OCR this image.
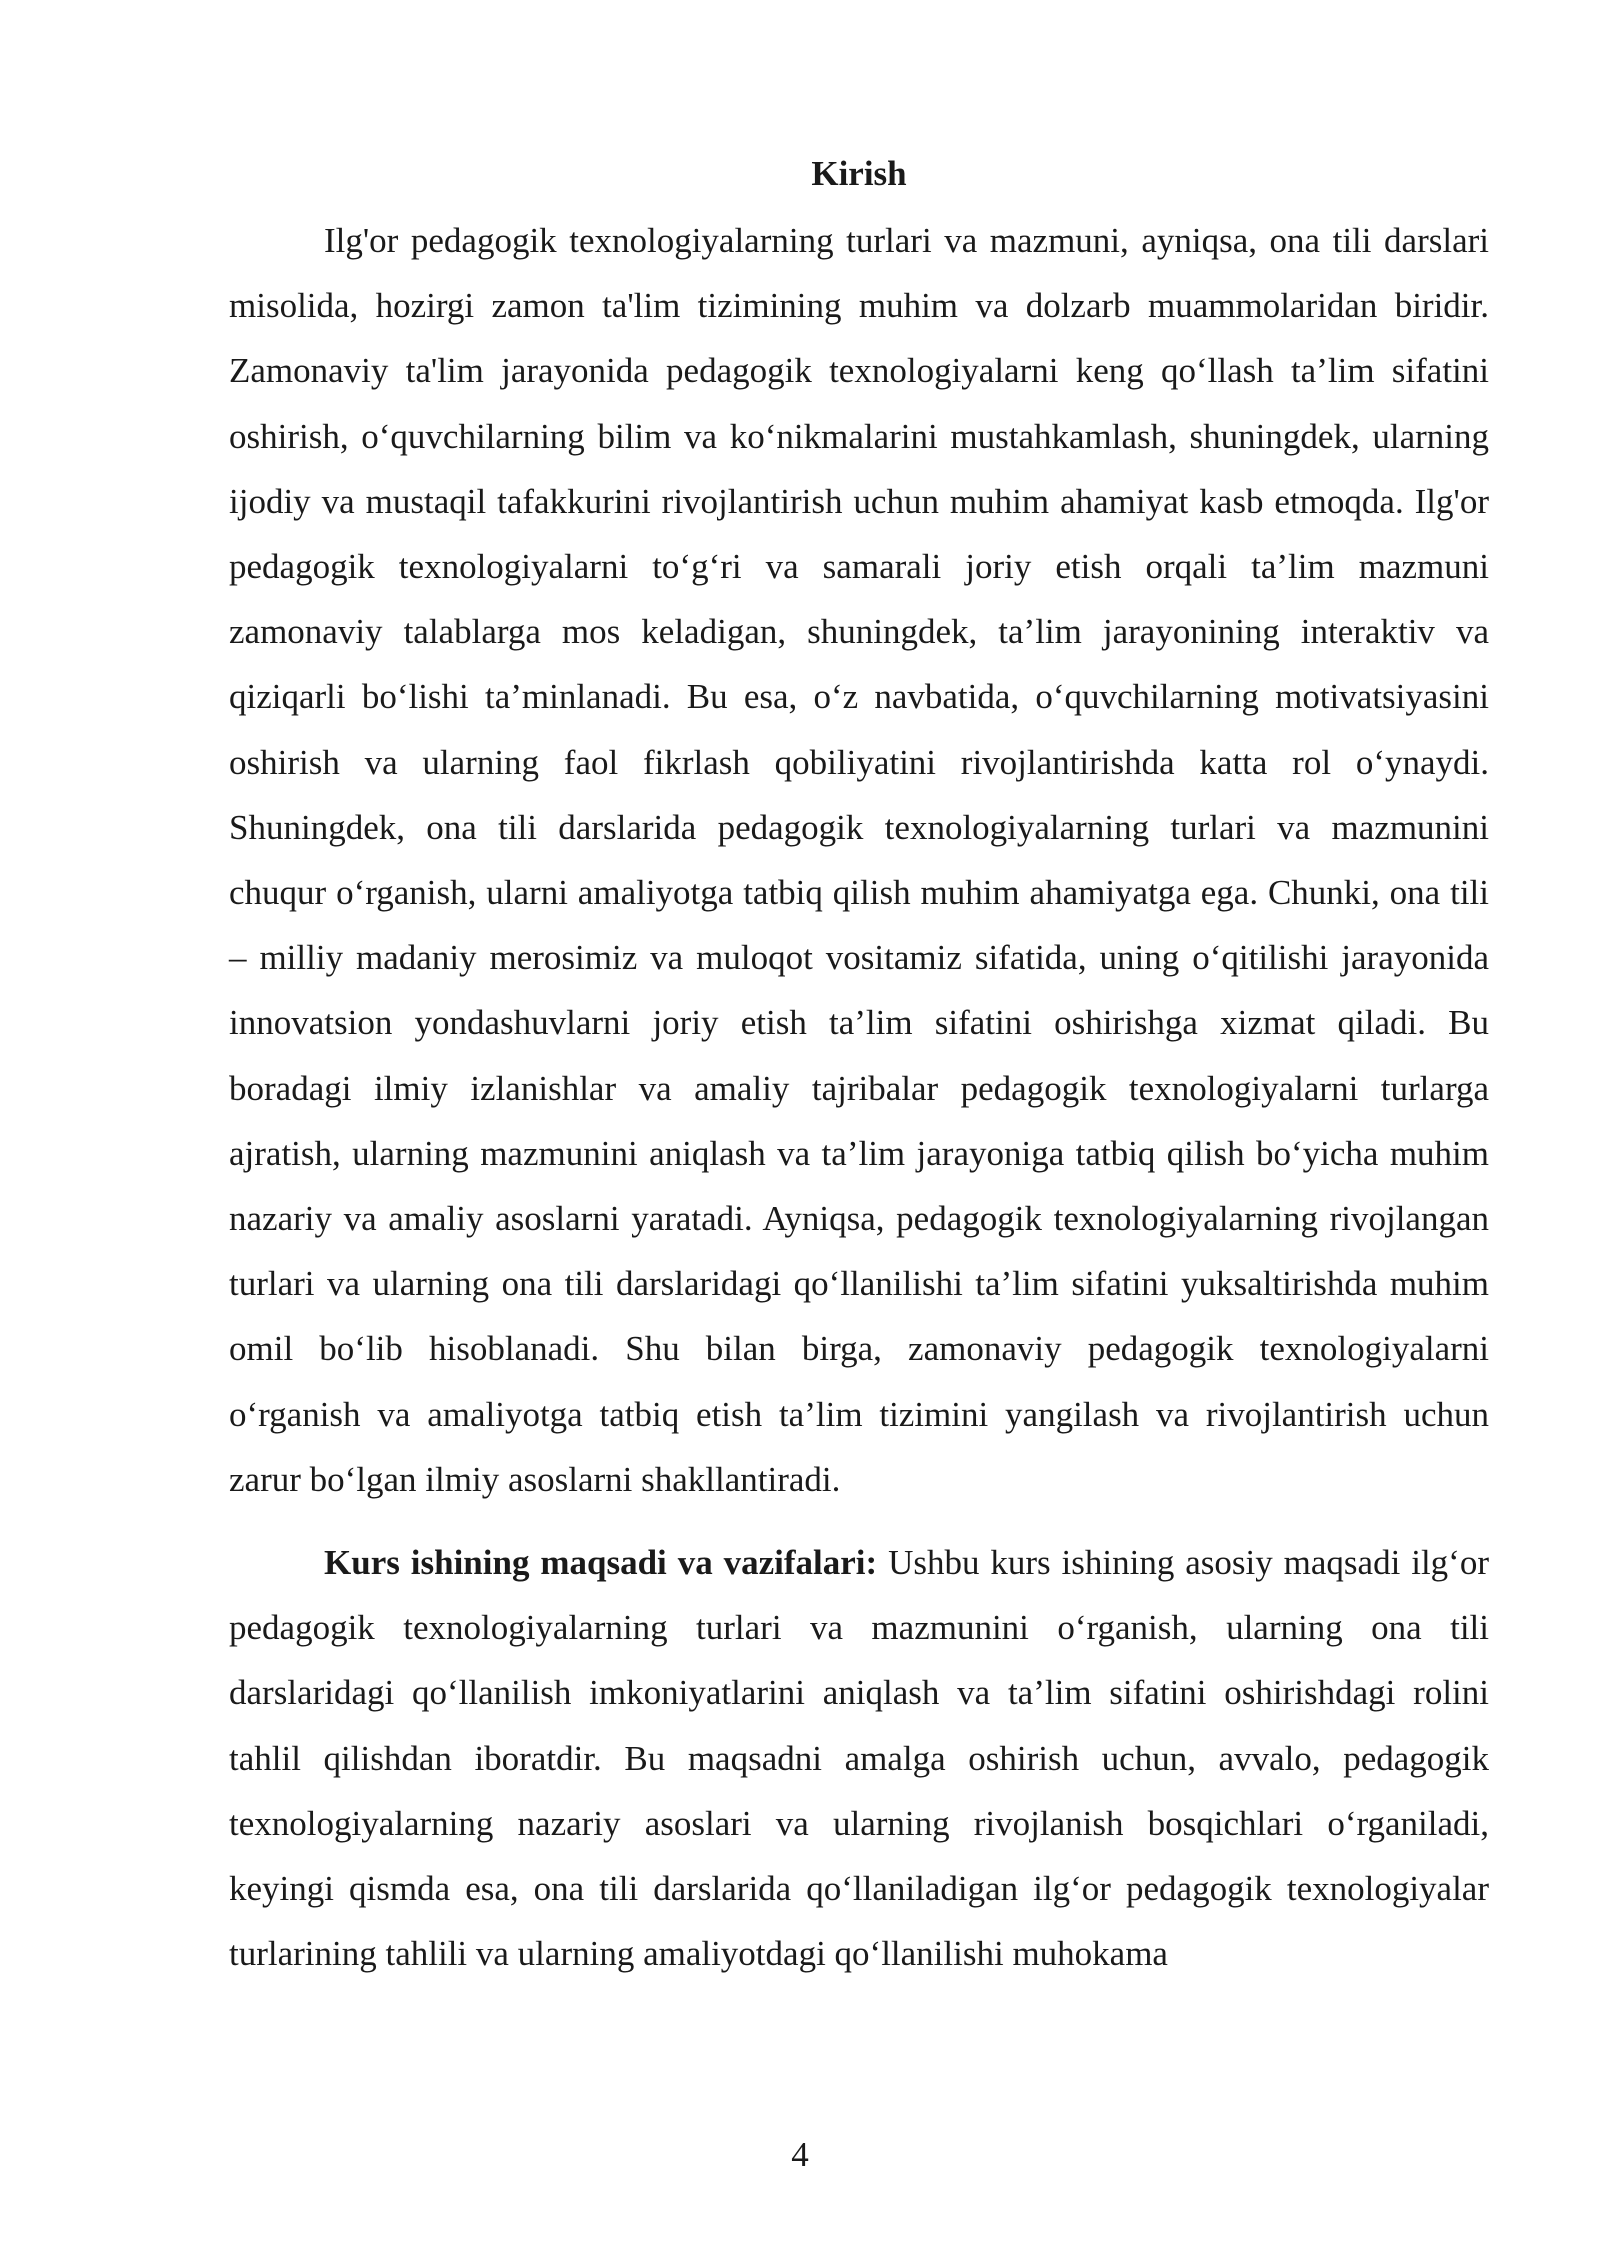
Kirish

Ilg'or pedagogik texnologiyalarning turlari va mazmuni, ayniqsa, ona tili darslari misolida, hozirgi zamon ta'lim tizimining muhim va dolzarb muammolaridan biridir. Zamonaviy ta'lim jarayonida pedagogik texnologiyalarni keng qo‘llash ta’lim sifatini oshirish, o‘quvchilarning bilim va ko‘nikmalarini mustahkamlash, shuningdek, ularning ijodiy va mustaqil tafakkurini rivojlantirish uchun muhim ahamiyat kasb etmoqda. Ilg'or pedagogik texnologiyalarni to‘g‘ri va samarali joriy etish orqali ta’lim mazmuni zamonaviy talablarga mos keladigan, shuningdek, ta’lim jarayonining interaktiv va qiziqarli bo‘lishi ta’minlanadi. Bu esa, o‘z navbatida, o‘quvchilarning motivatsiyasini oshirish va ularning faol fikrlash qobiliyatini rivojlantirishda katta rol o‘ynaydi. Shuningdek, ona tili darslarida pedagogik texnologiyalarning turlari va mazmunini chuqur o‘rganish, ularni amaliyotga tatbiq qilish muhim ahamiyatga ega. Chunki, ona tili – milliy madaniy merosimiz va muloqot vositamiz sifatida, uning o‘qitilishi jarayonida innovatsion yondashuvlarni joriy etish ta’lim sifatini oshirishga xizmat qiladi. Bu boradagi ilmiy izlanishlar va amaliy tajribalar pedagogik texnologiyalarni turlarga ajratish, ularning mazmunini aniqlash va ta’lim jarayoniga tatbiq qilish bo‘yicha muhim nazariy va amaliy asoslarni yaratadi. Ayniqsa, pedagogik texnologiyalarning rivojlangan turlari va ularning ona tili darslaridagi qo‘llanilishi ta’lim sifatini yuksaltirishda muhim omil bo‘lib hisoblanadi. Shu bilan birga, zamonaviy pedagogik texnologiyalarni o‘rganish va amaliyotga tatbiq etish ta’lim tizimini yangilash va rivojlantirish uchun zarur bo‘lgan ilmiy asoslarni shakllantiradi.

Kurs ishining maqsadi va vazifalari: Ushbu kurs ishining asosiy maqsadi ilg‘or pedagogik texnologiyalarning turlari va mazmunini o‘rganish, ularning ona tili darslaridagi qo‘llanilish imkoniyatlarini aniqlash va ta’lim sifatini oshirishdagi rolini tahlil qilishdan iboratdir. Bu maqsadni amalga oshirish uchun, avvalo, pedagogik texnologiyalarning nazariy asoslari va ularning rivojlanish bosqichlari o‘rganiladi, keyingi qismda esa, ona tili darslarida qo‘llaniladigan ilg‘or pedagogik texnologiyalar turlarining tahlili va ularning amaliyotdagi qo‘llanilishi muhokama

4
